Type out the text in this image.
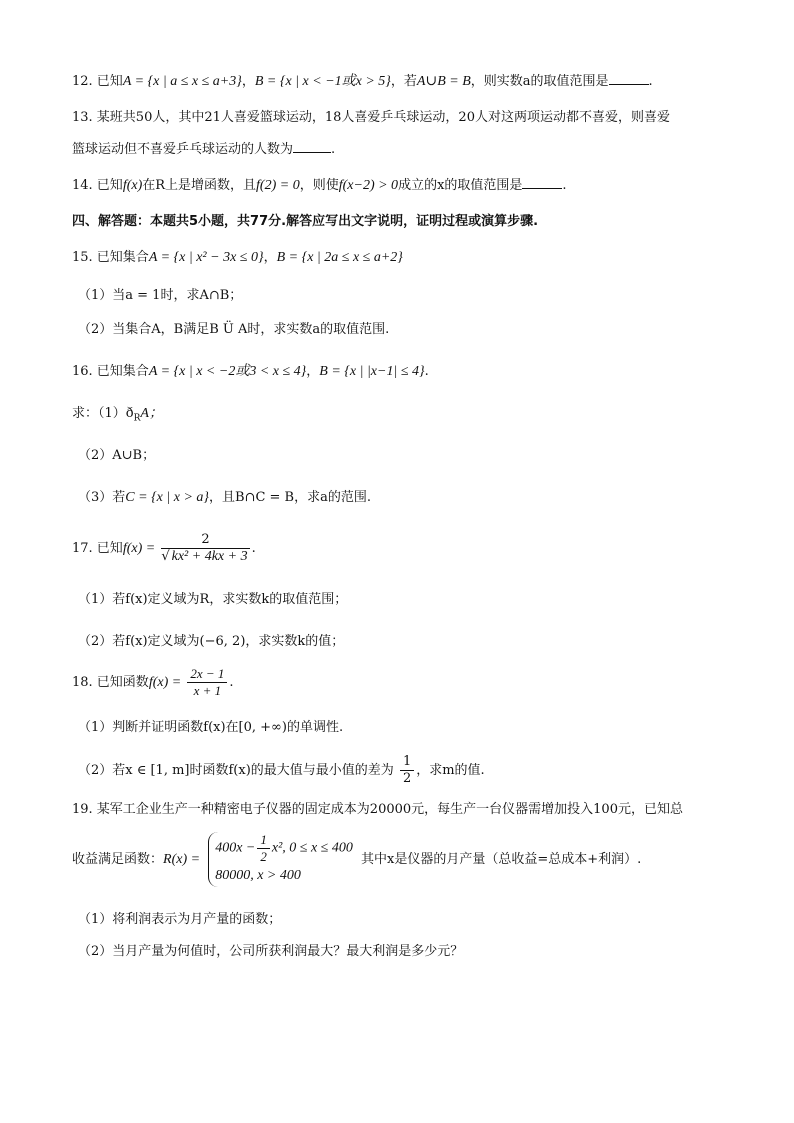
12. 已知A = {x | a ≤ x ≤ a+3}，B = {x | x < −1或x > 5}，若A∪B = B，则实数a的取值范围是	.
13. 某班共50人，其中21人喜爱篮球运动，18人喜爱乒乓球运动，20人对这两项运动都不喜爱，则喜爱
篮球运动但不喜爱乒乓球运动的人数为	.
14. 已知f(x)在R上是增函数，且f(2) = 0，则使f(x−2) > 0成立的x的取值范围是	.
四、解答题：本题共5小题，共77分.解答应写出文字说明，证明过程或演算步骤.
15. 已知集合A = {x | x² − 3x ≤ 0}，B = {x | 2a ≤ x ≤ a+2}
（1）当a = 1时，求A∩B；
（2）当集合A，B满足B Ü A时，求实数a的取值范围.
16. 已知集合A = {x | x < −2或3 < x ≤ 4}，B = {x | |x−1| ≤ 4}.
求：$(1)ð_RA$；
（2）A∪B；
（3）若C = {x | x > a}，且B∩C = B，求a的范围.
17. 已知$f(x) = \frac{2}{\text{√ kx² + 4kx + 3}}$ .
（1）若f(x)定义域为R，求实数k的取值范围；
（2）若f(x)定义域为(−6, 2)，求实数k的值；
18. 已知函数$f(x) = \frac{2x - 1}{x + 1}$ .
（1）判断并证明函数f(x)在[0, +∞)的单调性.
（2）若x ∈ [1, m]时函数f(x)的最大值与最小值的差为 $\frac{1}{2}$ ，求m的值.
19. 某军工企业生产一种精密电子仪器的固定成本为20000元，每生产一台仪器需增加投入100元，已知总
收益满足函数：R(x) =
$400x - \frac{1}{2} x^2$, 0 ≤ x ≤ 400
80000, x > 400
其中x是仪器的月产量（总收益=总成本+利润）.
（1）将利润表示为月产量的函数；
（2）当月产量为何值时，公司所获利润最大？最大利润是多少元？
